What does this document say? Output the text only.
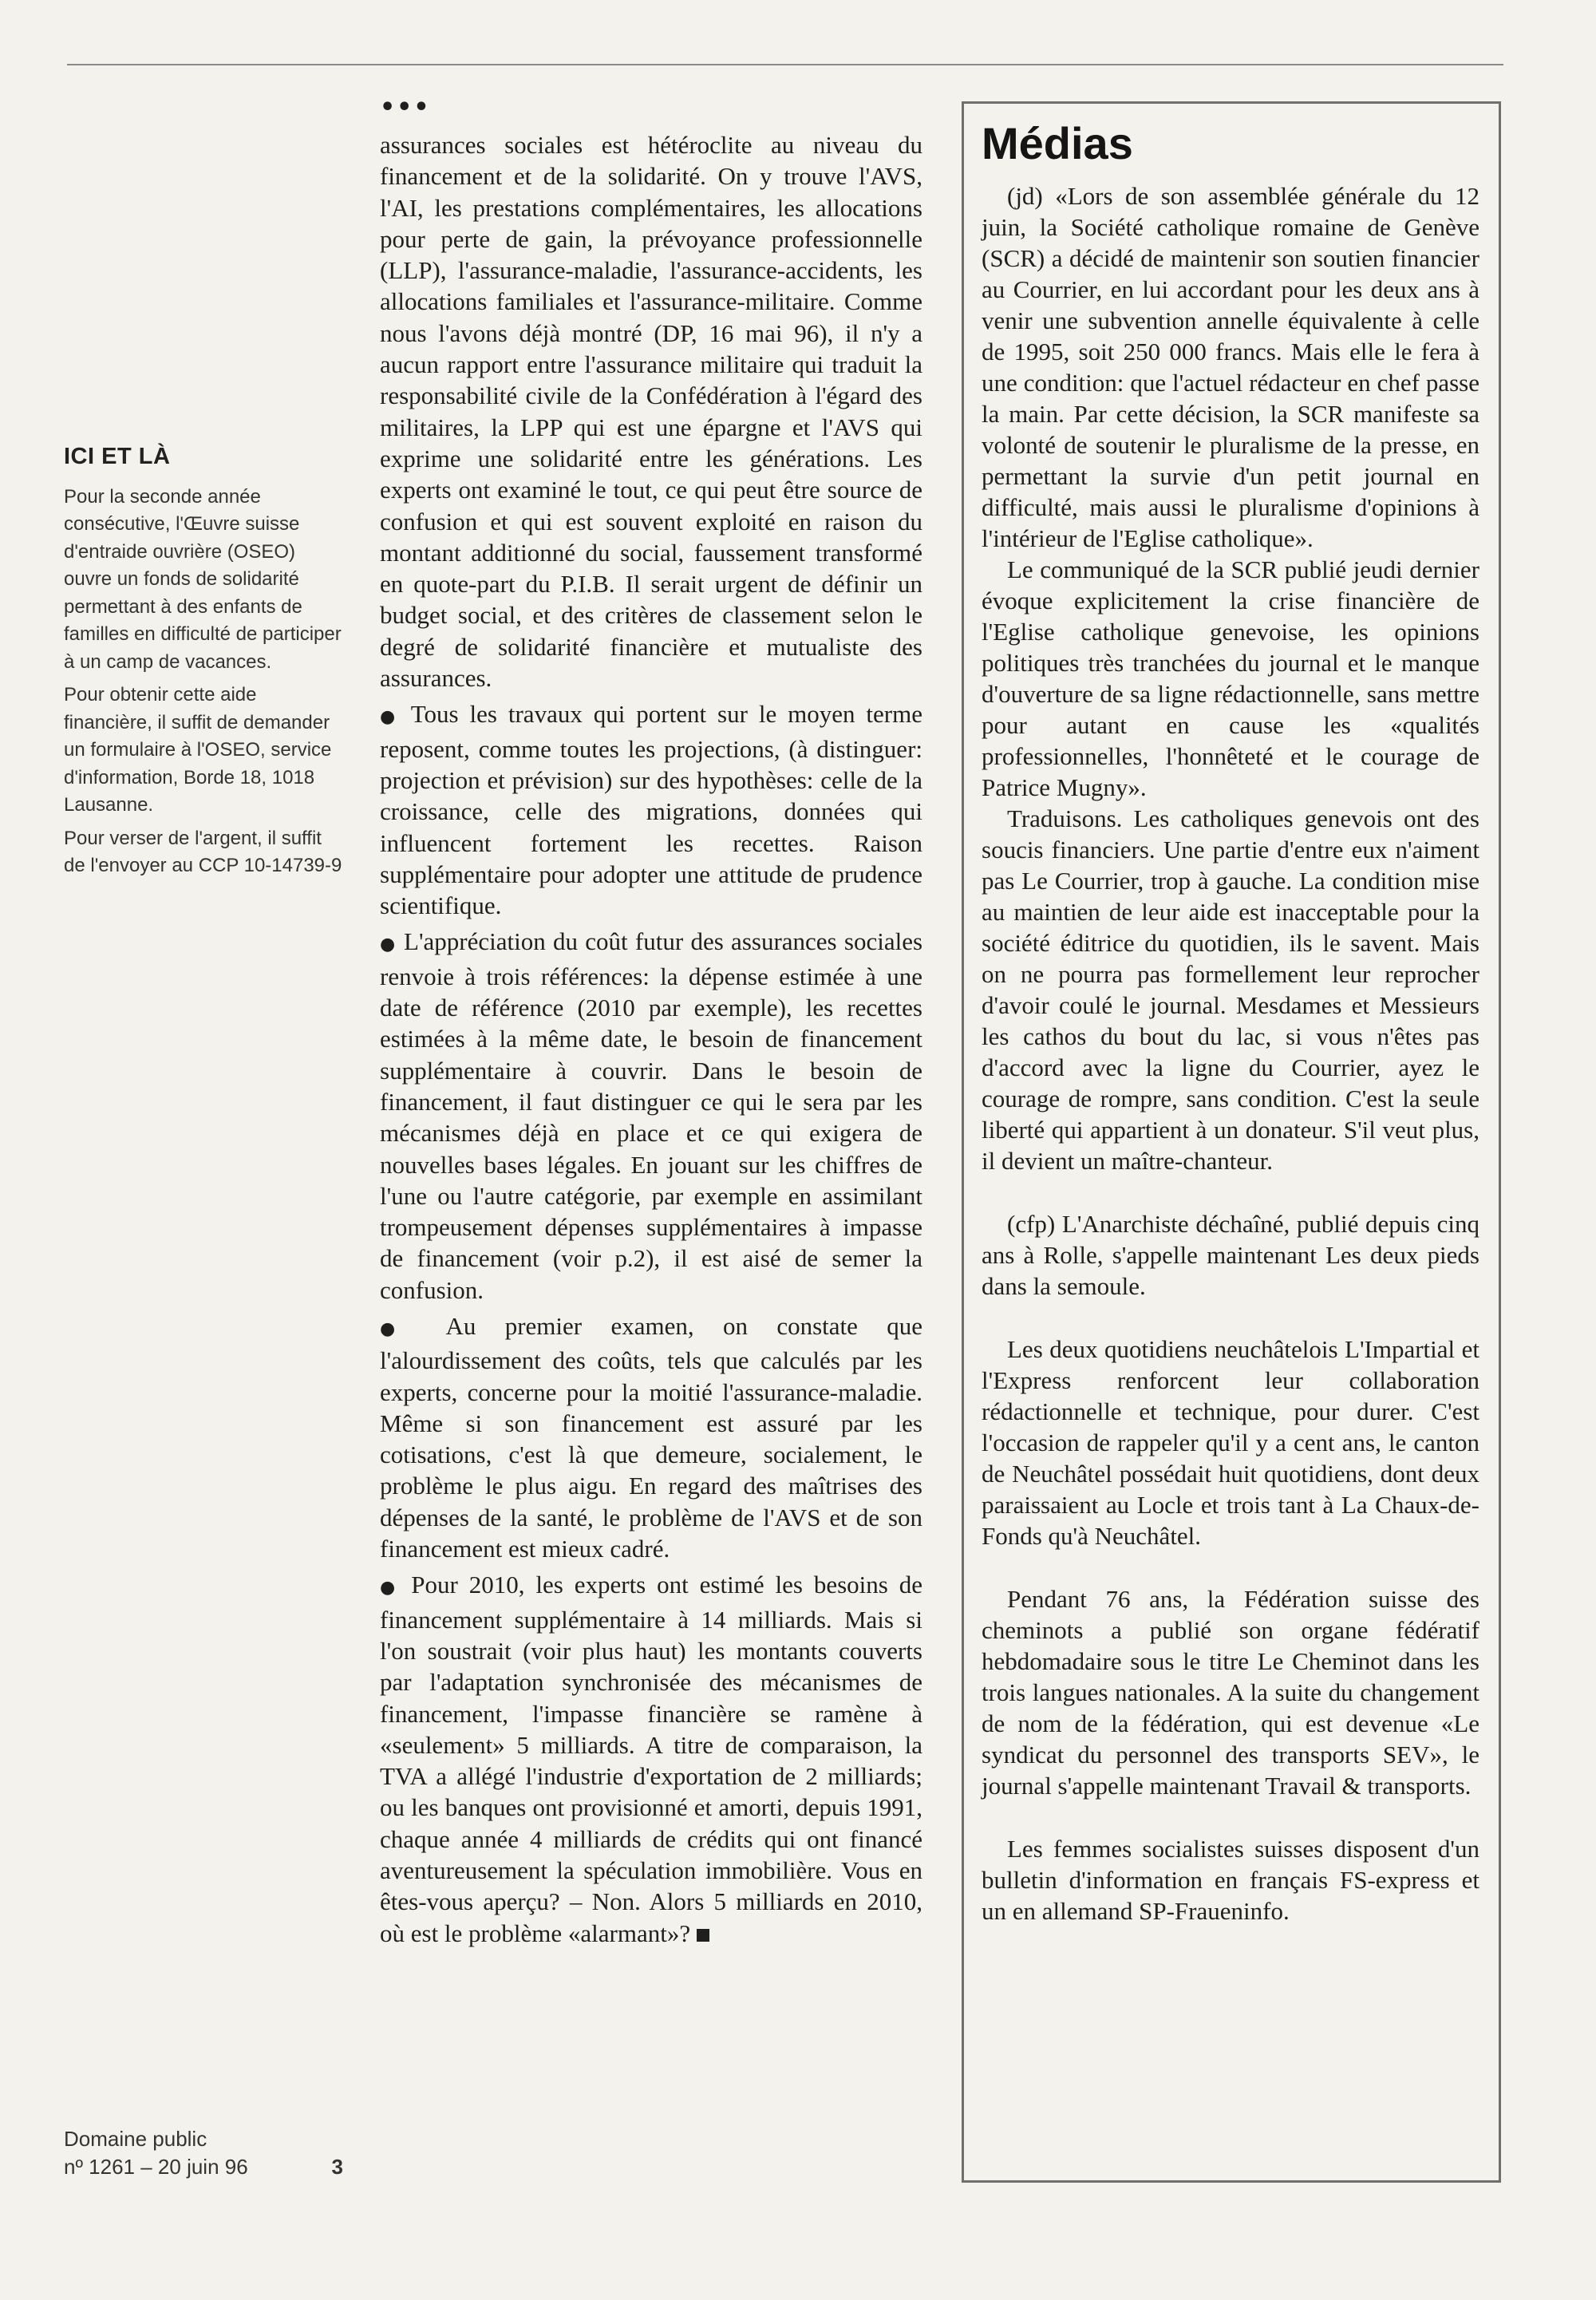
ICI ET LÀ

Pour la seconde année consécutive, l'Œuvre suisse d'entraide ouvrière (OSEO) ouvre un fonds de solidarité permettant à des enfants de familles en difficulté de participer à un camp de vacances.

Pour obtenir cette aide financière, il suffit de demander un formulaire à l'OSEO, service d'information, Borde 18, 1018 Lausanne.

Pour verser de l'argent, il suffit de l'envoyer au CCP 10-14739-9

Domaine public
nº 1261 – 20 juin 96	3
•••

assurances sociales est hétéroclite au niveau du financement et de la solidarité. On y trouve l'AVS, l'AI, les prestations complémentaires, les allocations pour perte de gain, la prévoyance professionnelle (LLP), l'assurance-maladie, l'assurance-accidents, les allocations familiales et l'assurance-militaire. Comme nous l'avons déjà montré (DP, 16 mai 96), il n'y a aucun rapport entre l'assurance militaire qui traduit la responsabilité civile de la Confédération à l'égard des militaires, la LPP qui est une épargne et l'AVS qui exprime une solidarité entre les générations. Les experts ont examiné le tout, ce qui peut être source de confusion et qui est souvent exploité en raison du montant additionné du social, faussement transformé en quote-part du P.I.B. Il serait urgent de définir un budget social, et des critères de classement selon le degré de solidarité financière et mutualiste des assurances.

● Tous les travaux qui portent sur le moyen terme reposent, comme toutes les projections, (à distinguer: projection et prévision) sur des hypothèses: celle de la croissance, celle des migrations, données qui influencent fortement les recettes. Raison supplémentaire pour adopter une attitude de prudence scientifique.

● L'appréciation du coût futur des assurances sociales renvoie à trois références: la dépense estimée à une date de référence (2010 par exemple), les recettes estimées à la même date, le besoin de financement supplémentaire à couvrir. Dans le besoin de financement, il faut distinguer ce qui le sera par les mécanismes déjà en place et ce qui exigera de nouvelles bases légales. En jouant sur les chiffres de l'une ou l'autre catégorie, par exemple en assimilant trompeusement dépenses supplémentaires à impasse de financement (voir p.2), il est aisé de semer la confusion.

● Au premier examen, on constate que l'alourdissement des coûts, tels que calculés par les experts, concerne pour la moitié l'assurance-maladie. Même si son financement est assuré par les cotisations, c'est là que demeure, socialement, le problème le plus aigu. En regard des maîtrises des dépenses de la santé, le problème de l'AVS et de son financement est mieux cadré.

● Pour 2010, les experts ont estimé les besoins de financement supplémentaire à 14 milliards. Mais si l'on soustrait (voir plus haut) les montants couverts par l'adaptation synchronisée des mécanismes de financement, l'impasse financière se ramène à «seulement» 5 milliards. A titre de comparaison, la TVA a allégé l'industrie d'exportation de 2 milliards; ou les banques ont provisionné et amorti, depuis 1991, chaque année 4 milliards de crédits qui ont financé aventureusement la spéculation immobilière. Vous en êtes-vous aperçu? – Non. Alors 5 milliards en 2010, où est le problème «alarmant»?

Médias

(jd) «Lors de son assemblée générale du 12 juin, la Société catholique romaine de Genève (SCR) a décidé de maintenir son soutien financier au Courrier, en lui accordant pour les deux ans à venir une subvention annelle équivalente à celle de 1995, soit 250 000 francs. Mais elle le fera à une condition: que l'actuel rédacteur en chef passe la main. Par cette décision, la SCR manifeste sa volonté de soutenir le pluralisme de la presse, en permettant la survie d'un petit journal en difficulté, mais aussi le pluralisme d'opinions à l'intérieur de l'Eglise catholique».

Le communiqué de la SCR publié jeudi dernier évoque explicitement la crise financière de l'Eglise catholique genevoise, les opinions politiques très tranchées du journal et le manque d'ouverture de sa ligne rédactionnelle, sans mettre pour autant en cause les «qualités professionnelles, l'honnêteté et le courage de Patrice Mugny».

Traduisons. Les catholiques genevois ont des soucis financiers. Une partie d'entre eux n'aiment pas Le Courrier, trop à gauche. La condition mise au maintien de leur aide est inacceptable pour la société éditrice du quotidien, ils le savent. Mais on ne pourra pas formellement leur reprocher d'avoir coulé le journal. Mesdames et Messieurs les cathos du bout du lac, si vous n'êtes pas d'accord avec la ligne du Courrier, ayez le courage de rompre, sans condition. C'est la seule liberté qui appartient à un donateur. S'il veut plus, il devient un maître-chanteur.

(cfp) L'Anarchiste déchaîné, publié depuis cinq ans à Rolle, s'appelle maintenant Les deux pieds dans la semoule.

Les deux quotidiens neuchâtelois L'Impartial et l'Express renforcent leur collaboration rédactionnelle et technique, pour durer. C'est l'occasion de rappeler qu'il y a cent ans, le canton de Neuchâtel possédait huit quotidiens, dont deux paraissaient au Locle et trois tant à La Chaux-de-Fonds qu'à Neuchâtel.

Pendant 76 ans, la Fédération suisse des cheminots a publié son organe fédératif hebdomadaire sous le titre Le Cheminot dans les trois langues nationales. A la suite du changement de nom de la fédération, qui est devenue «Le syndicat du personnel des transports SEV», le journal s'appelle maintenant Travail & transports.

Les femmes socialistes suisses disposent d'un bulletin d'information en français FS-express et un en allemand SP-Fraueninfo.
